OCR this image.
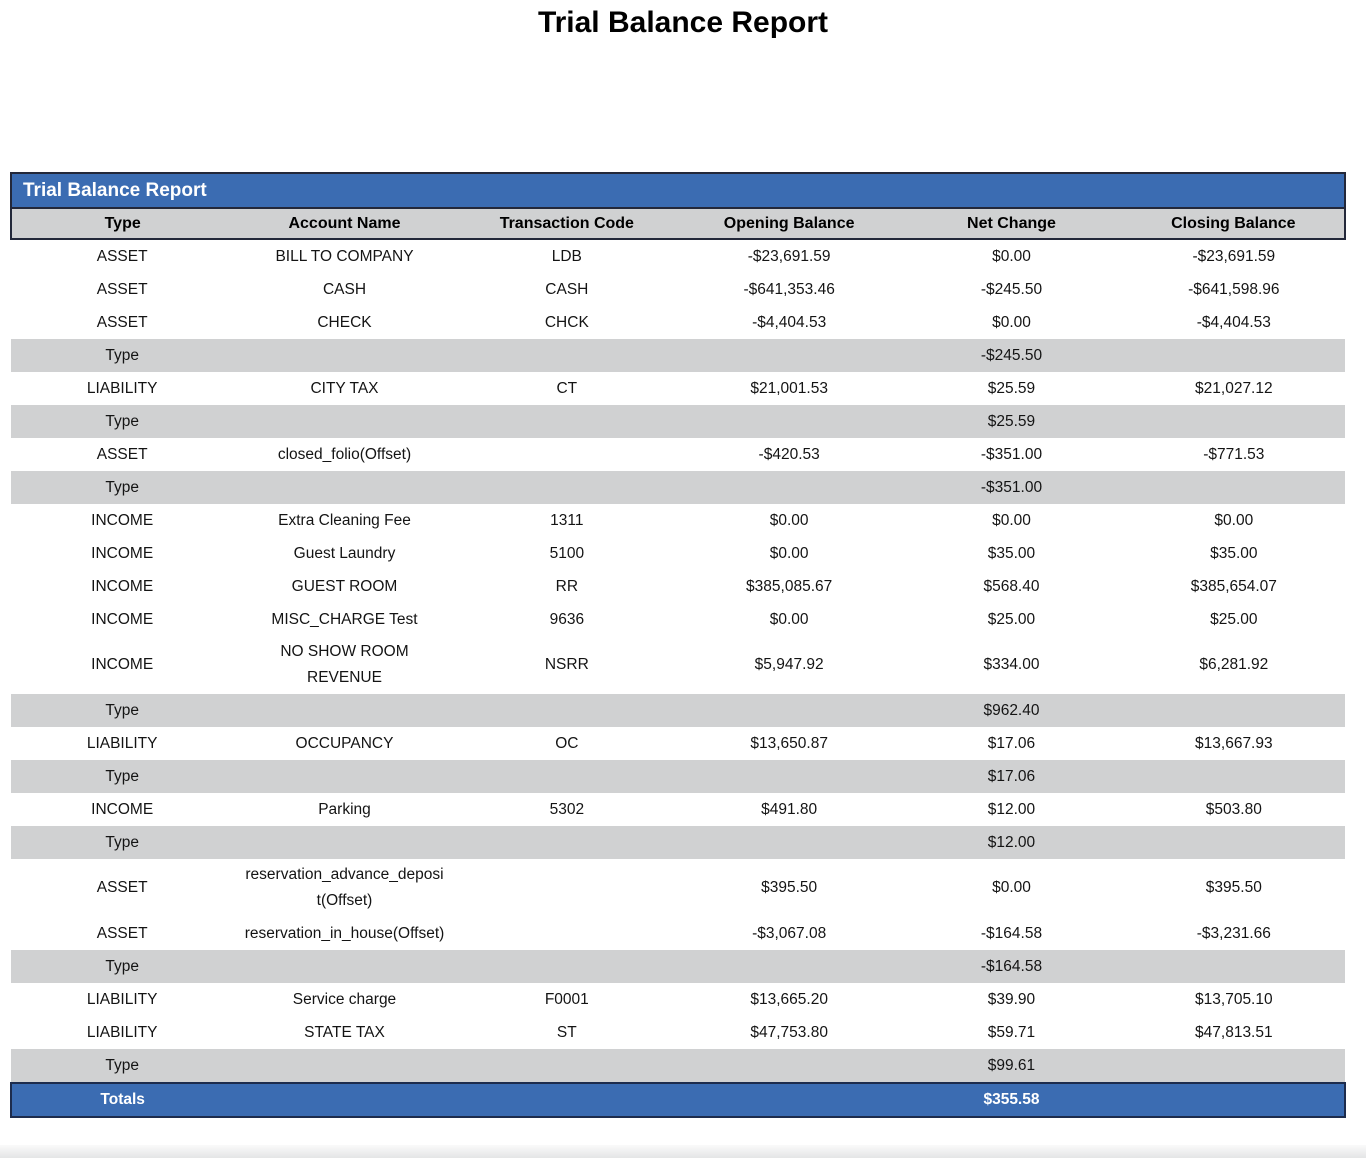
Trial Balance Report
Trial Balance Report					
Type	Account Name	Transaction Code	Opening Balance	Net Change	Closing Balance
ASSET	BILL TO COMPANY	LDB	-$23,691.59	$0.00	-$23,691.59
ASSET	CASH	CASH	-$641,353.46	-$245.50	-$641,598.96
ASSET	CHECK	CHCK	-$4,404.53	$0.00	-$4,404.53
Type				-$245.50	
LIABILITY	CITY TAX	CT	$21,001.53	$25.59	$21,027.12
Type				$25.59	
ASSET	closed_folio(Offset)		-$420.53	-$351.00	-$771.53
Type				-$351.00	
INCOME	Extra Cleaning Fee	1311	$0.00	$0.00	$0.00
INCOME	Guest Laundry	5100	$0.00	$35.00	$35.00
INCOME	GUEST ROOM	RR	$385,085.67	$568.40	$385,654.07
INCOME	MISC_CHARGE Test	9636	$0.00	$25.00	$25.00
INCOME	NO SHOW ROOM REVENUE	NSRR	$5,947.92	$334.00	$6,281.92
Type				$962.40	
LIABILITY	OCCUPANCY	OC	$13,650.87	$17.06	$13,667.93
Type				$17.06	
INCOME	Parking	5302	$491.80	$12.00	$503.80
Type				$12.00	
ASSET	reservation_advance_deposit(Offset)		$395.50	$0.00	$395.50
ASSET	reservation_in_house(Offset)		-$3,067.08	-$164.58	-$3,231.66
Type				-$164.58	
LIABILITY	Service charge	F0001	$13,665.20	$39.90	$13,705.10
LIABILITY	STATE TAX	ST	$47,753.80	$59.71	$47,813.51
Type				$99.61	
Totals				$355.58	
